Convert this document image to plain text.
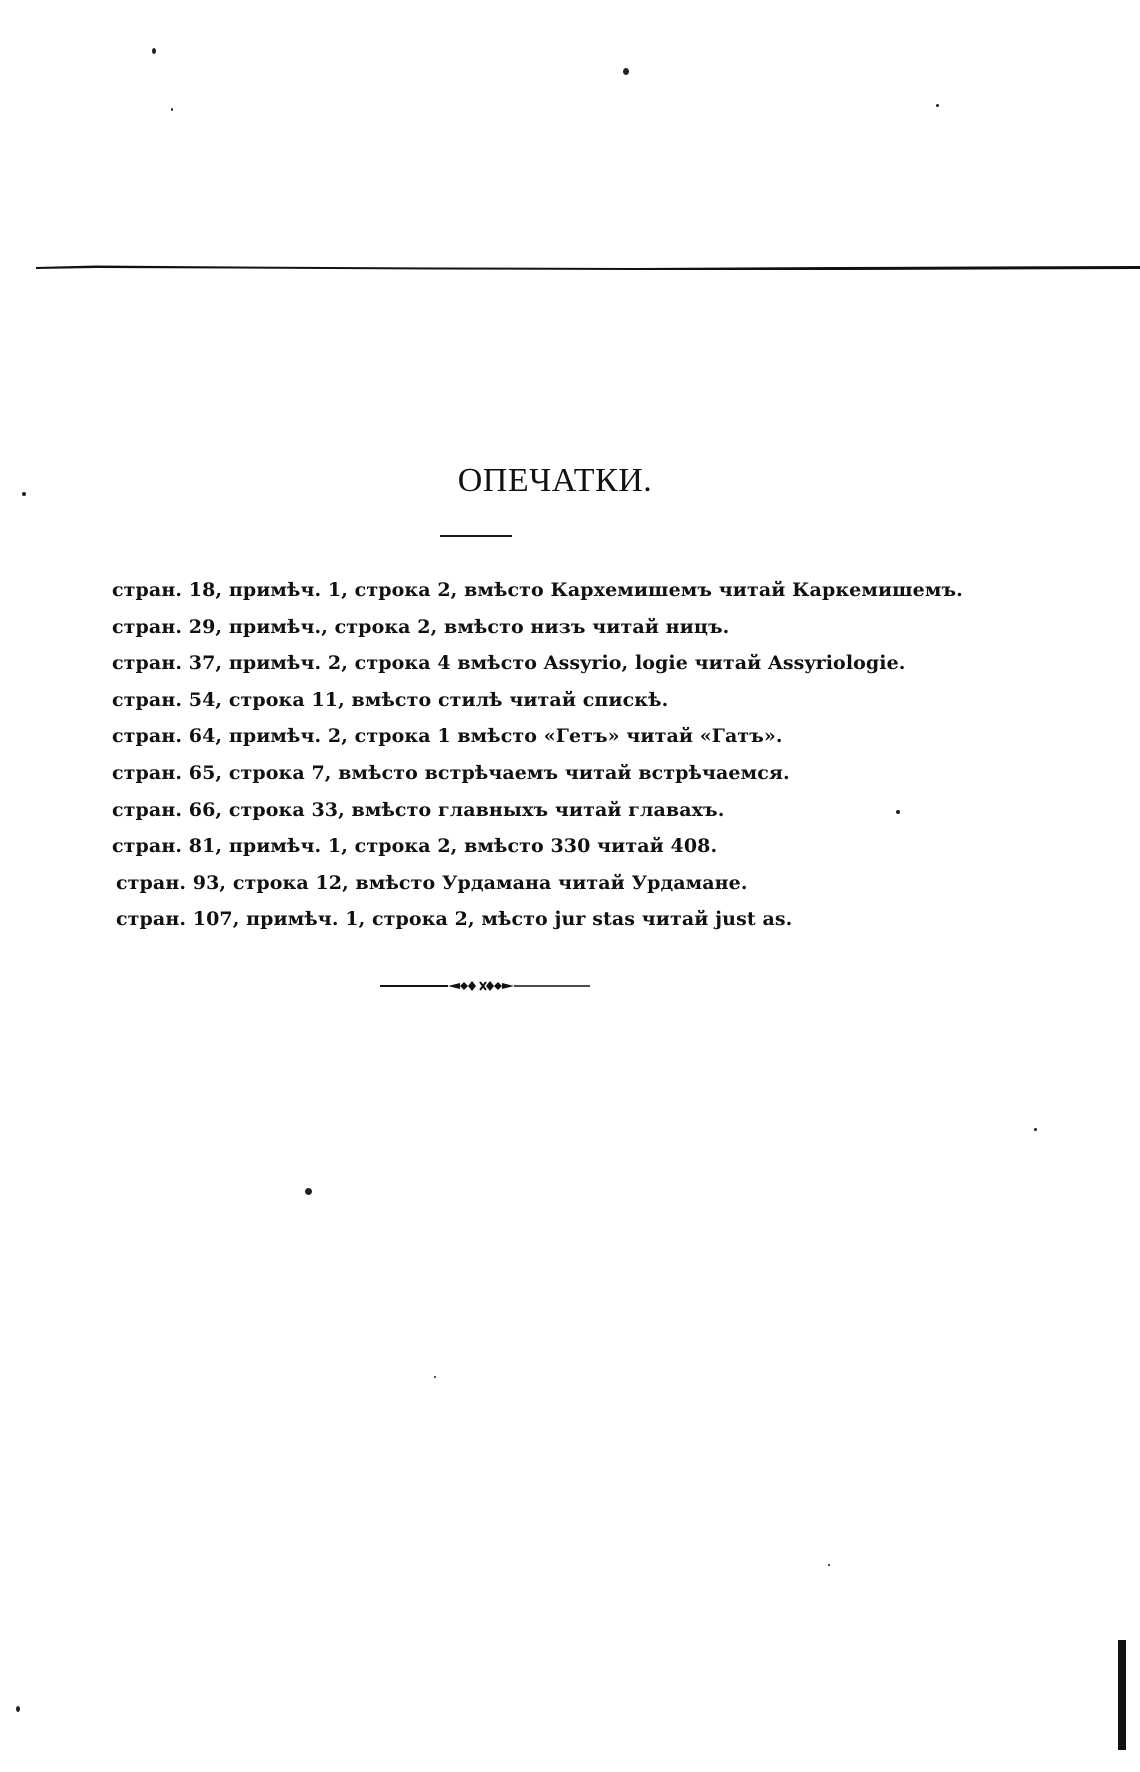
ОПЕЧАТКИ.
стран. 18, примѣч. 1, строка 2, вмѣсто Кархемишемъ читай Каркемишемъ.
стран. 29, примѣч., строка 2, вмѣсто низъ читай ницъ.
стран. 37, примѣч. 2, строка 4 вмѣсто Assyrio, logie читай Assyriologie.
стран. 54, строка 11, вмѣсто стилѣ читай спискѣ.
стран. 64, примѣч. 2, строка 1 вмѣсто «Гетъ» читай «Гатъ».
стран. 65, строка 7, вмѣсто встрѣчаемъ читай встрѣчаемся.
стран. 66, строка 33, вмѣсто главныхъ читай главахъ.
стран. 81, примѣч. 1, строка 2, вмѣсто 330 читай 408.
стран. 93, строка 12, вмѣсто Урдамана читай Урдамане.
стран. 107, примѣч. 1, строка 2, мѣсто jur stas читай just as.
